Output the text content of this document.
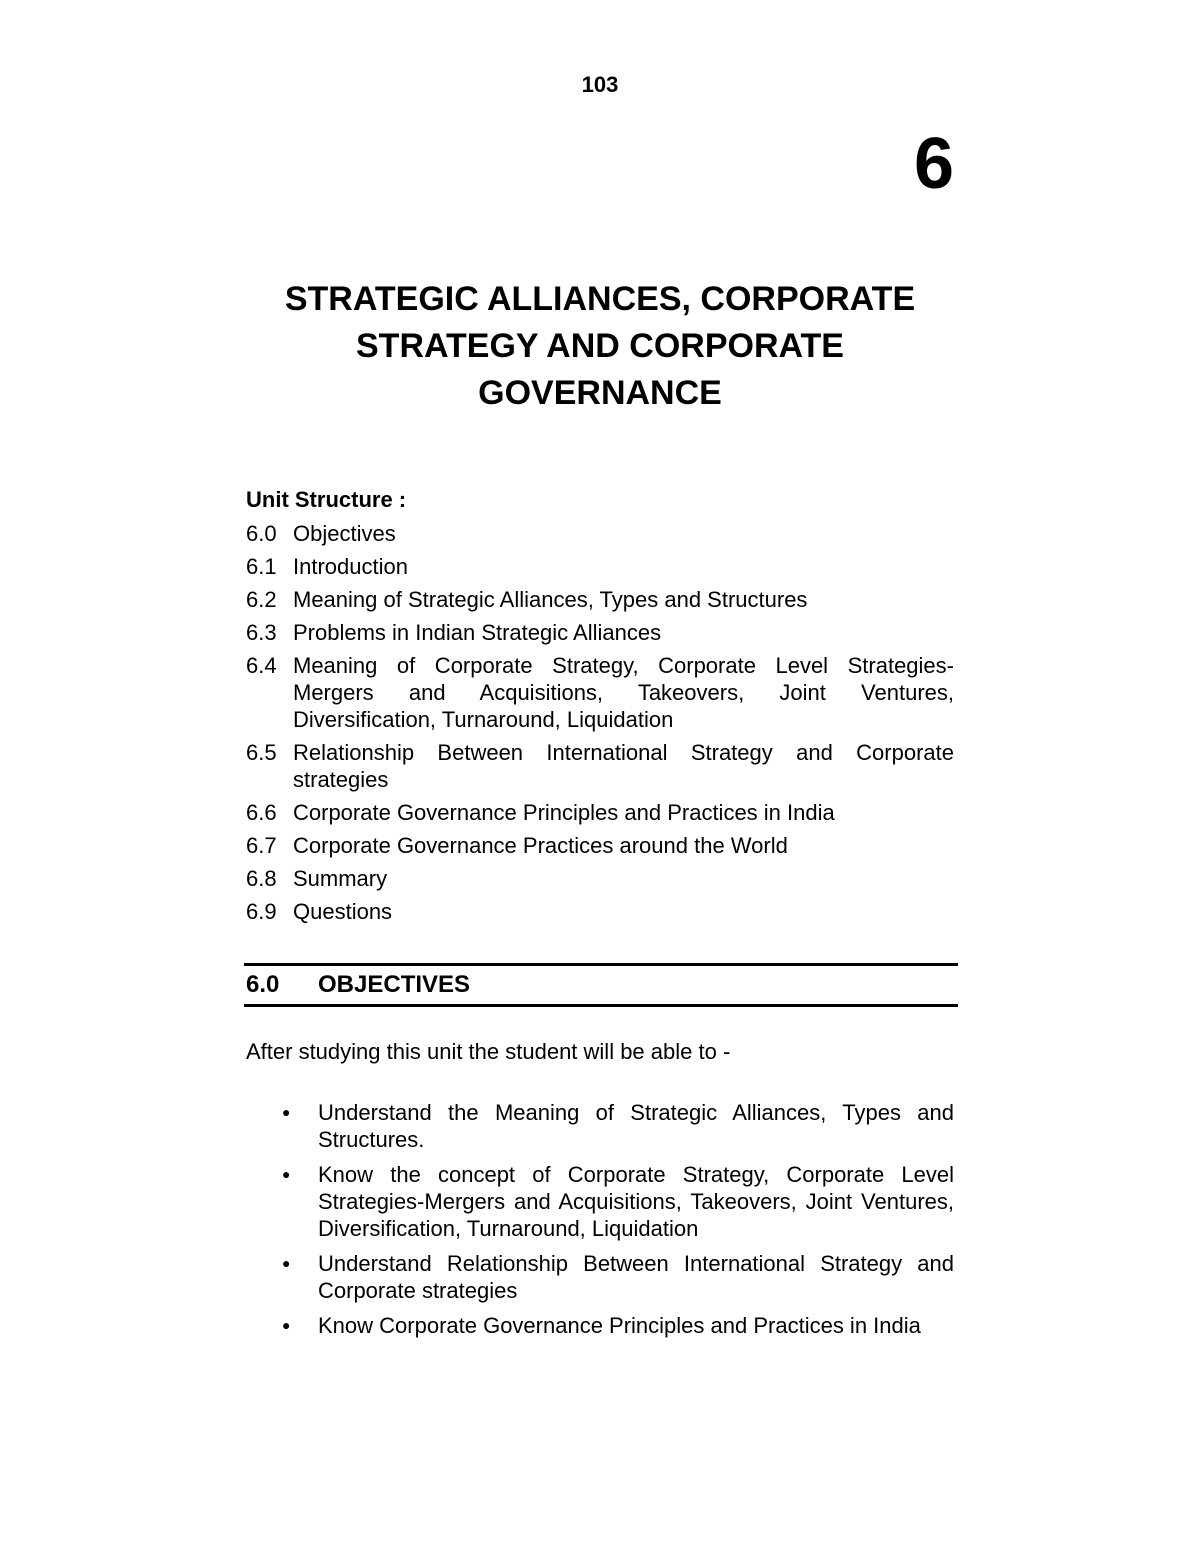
103
6
STRATEGIC ALLIANCES, CORPORATE
STRATEGY AND CORPORATE
GOVERNANCE

Unit Structure :

6.0 Objectives
6.1 Introduction
6.2 Meaning of Strategic Alliances, Types and Structures
6.3 Problems in Indian Strategic Alliances
6.4 Meaning of Corporate Strategy, Corporate Level Strategies-Mergers and Acquisitions, Takeovers, Joint Ventures, Diversification, Turnaround, Liquidation
6.5 Relationship Between International Strategy and Corporate strategies
6.6 Corporate Governance Principles and Practices in India
6.7 Corporate Governance Practices around the World
6.8 Summary
6.9 Questions
6.0 OBJECTIVES

After studying this unit the student will be able to -

●	Understand the Meaning of Strategic Alliances, Types and Structures.
●	Know the concept of Corporate Strategy, Corporate Level Strategies-Mergers and Acquisitions, Takeovers, Joint Ventures, Diversification, Turnaround, Liquidation
●	Understand Relationship Between International Strategy and Corporate strategies
●	Know Corporate Governance Principles and Practices in India
